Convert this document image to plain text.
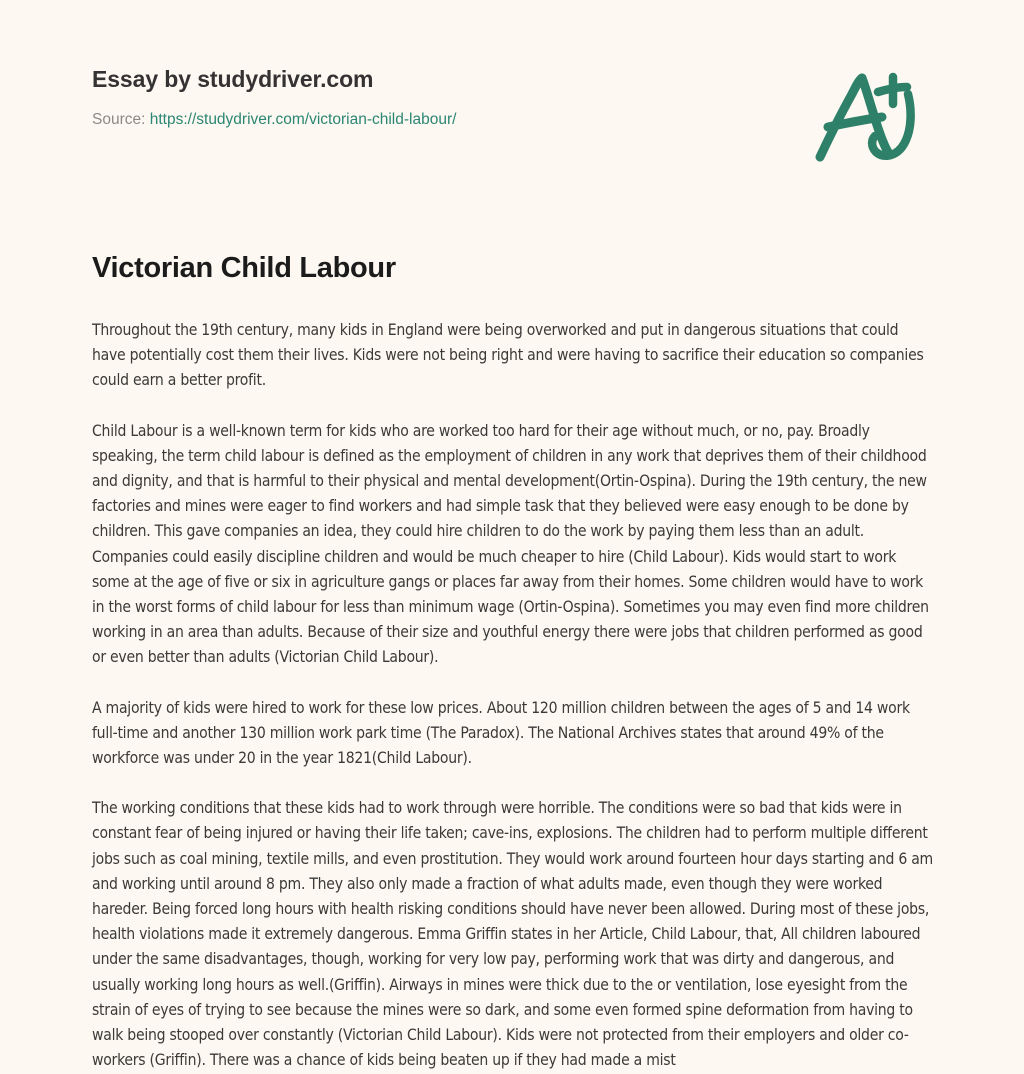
Essay by studydriver.com
Source: https://studydriver.com/victorian-child-labour/
Victorian Child Labour

Throughout the 19th century, many kids in England were being overworked and put in dangerous situations that could have potentially cost them their lives. Kids were not being right and were having to sacrifice their education so companies could earn a better profit.

Child Labour is a well-known term for kids who are worked too hard for their age without much, or no, pay. Broadly speaking, the term child labour is defined as the employment of children in any work that deprives them of their childhood and dignity, and that is harmful to their physical and mental development(Ortin-Ospina). During the 19th century, the new factories and mines were eager to find workers and had simple task that they believed were easy enough to be done by children. This gave companies an idea, they could hire children to do the work by paying them less than an adult. Companies could easily discipline children and would be much cheaper to hire (Child Labour). Kids would start to work some at the age of five or six in agriculture gangs or places far away from their homes. Some children would have to work in the worst forms of child labour for less than minimum wage (Ortin-Ospina). Sometimes you may even find more children working in an area than adults. Because of their size and youthful energy there were jobs that children performed as good or even better than adults (Victorian Child Labour).

A majority of kids were hired to work for these low prices. About 120 million children between the ages of 5 and 14 work full-time and another 130 million work park time (The Paradox). The National Archives states that around 49% of the workforce was under 20 in the year 1821(Child Labour).

The working conditions that these kids had to work through were horrible. The conditions were so bad that kids were in constant fear of being injured or having their life taken; cave-ins, explosions. The children had to perform multiple different jobs such as coal mining, textile mills, and even prostitution. They would work around fourteen hour days starting and 6 am and working until around 8 pm. They also only made a fraction of what adults made, even though they were worked hareder. Being forced long hours with health risking conditions should have never been allowed. During most of these jobs, health violations made it extremely dangerous. Emma Griffin states in her Article, Child Labour, that, All children laboured under the same disadvantages, though, working for very low pay, performing work that was dirty and dangerous, and usually working long hours as well.(Griffin). Airways in mines were thick due to the or ventilation, lose eyesight from the strain of eyes of trying to see because the mines were so dark, and some even formed spine deformation from having to walk being stooped over constantly (Victorian Child Labour). Kids were not protected from their employers and older co-workers (Griffin). There was a chance of kids being beaten up if they had made a mist
